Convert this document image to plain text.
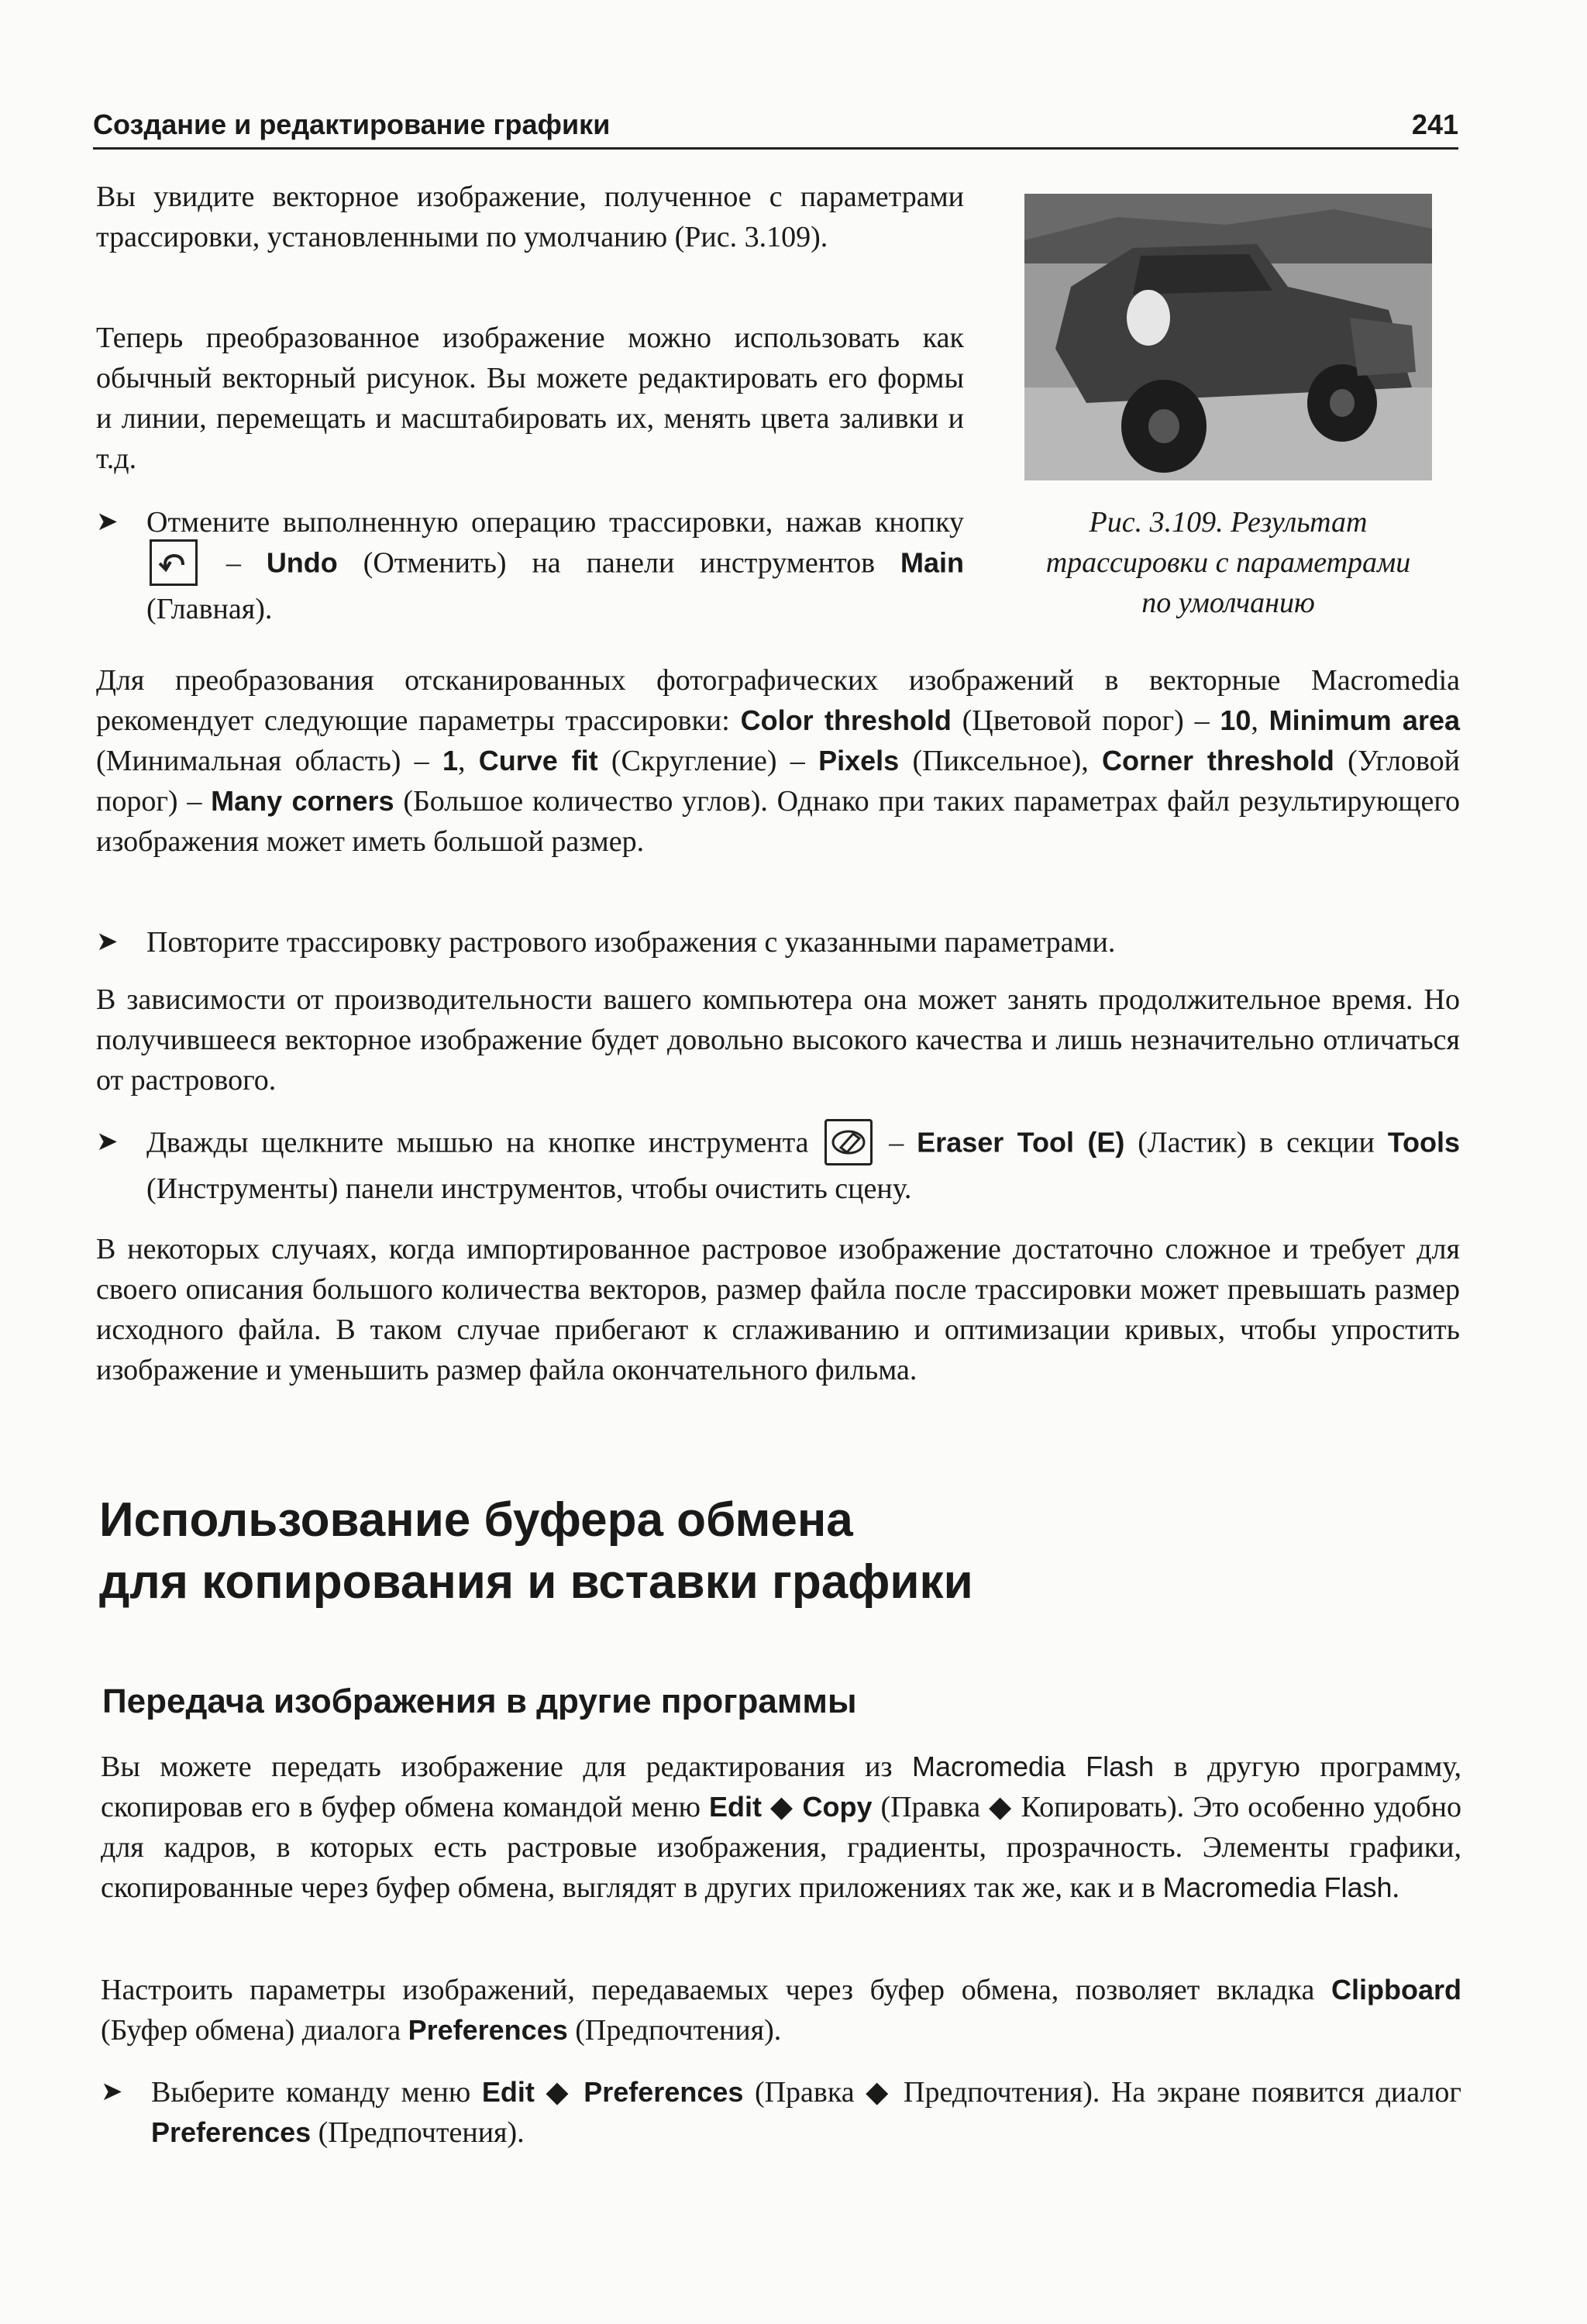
Создание и редактирование графики	241
Вы увидите векторное изображение, полученное с параметрами трассировки, установленными по умолчанию (Рис. 3.109).
Теперь преобразованное изображение можно использовать как обычный векторный рисунок. Вы можете редактировать его формы и линии, перемещать и масштабировать их, менять цвета заливки и т.д.
➤ Отмените выполненную операцию трассировки, нажав кнопку  – Undo (Отменить) на панели инструментов Main (Главная).
Рис. 3.109. Результат
трассировки с параметрами
по умолчанию
Для преобразования отсканированных фотографических изображений в векторные Macromedia рекомендует следующие параметры трассировки: Color threshold (Цветовой порог) – 10, Minimum area (Минимальная область) – 1, Curve fit (Скругление) – Pixels (Пиксельное), Corner threshold (Угловой порог) – Many corners (Большое количество углов). Однако при таких параметрах файл результирующего изображения может иметь большой размер.
➤ Повторите трассировку растрового изображения с указанными параметрами.
В зависимости от производительности вашего компьютера она может занять продолжительное время. Но получившееся векторное изображение будет довольно высокого качества и лишь незначительно отличаться от растрового.
➤ Дважды щелкните мышью на кнопке инструмента  – Eraser Tool (E) (Ластик) в секции Tools (Инструменты) панели инструментов, чтобы очистить сцену.
В некоторых случаях, когда импортированное растровое изображение достаточно сложное и требует для своего описания большого количества векторов, размер файла после трассировки может превышать размер исходного файла. В таком случае прибегают к сглаживанию и оптимизации кривых, чтобы упростить изображение и уменьшить размер файла окончательного фильма.
Использование буфера обмена
для копирования и вставки графики
Передача изображения в другие программы
Вы можете передать изображение для редактирования из Macromedia Flash в другую программу, скопировав его в буфер обмена командой меню Edit ◆ Copy (Правка ◆ Копировать). Это особенно удобно для кадров, в которых есть растровые изображения, градиенты, прозрачность. Элементы графики, скопированные через буфер обмена, выглядят в других приложениях так же, как и в Macromedia Flash.
Настроить параметры изображений, передаваемых через буфер обмена, позволяет вкладка Clipboard (Буфер обмена) диалога Preferences (Предпочтения).
➤ Выберите команду меню Edit ◆ Preferences (Правка ◆ Предпочтения). На экране появится диалог Preferences (Предпочтения).
